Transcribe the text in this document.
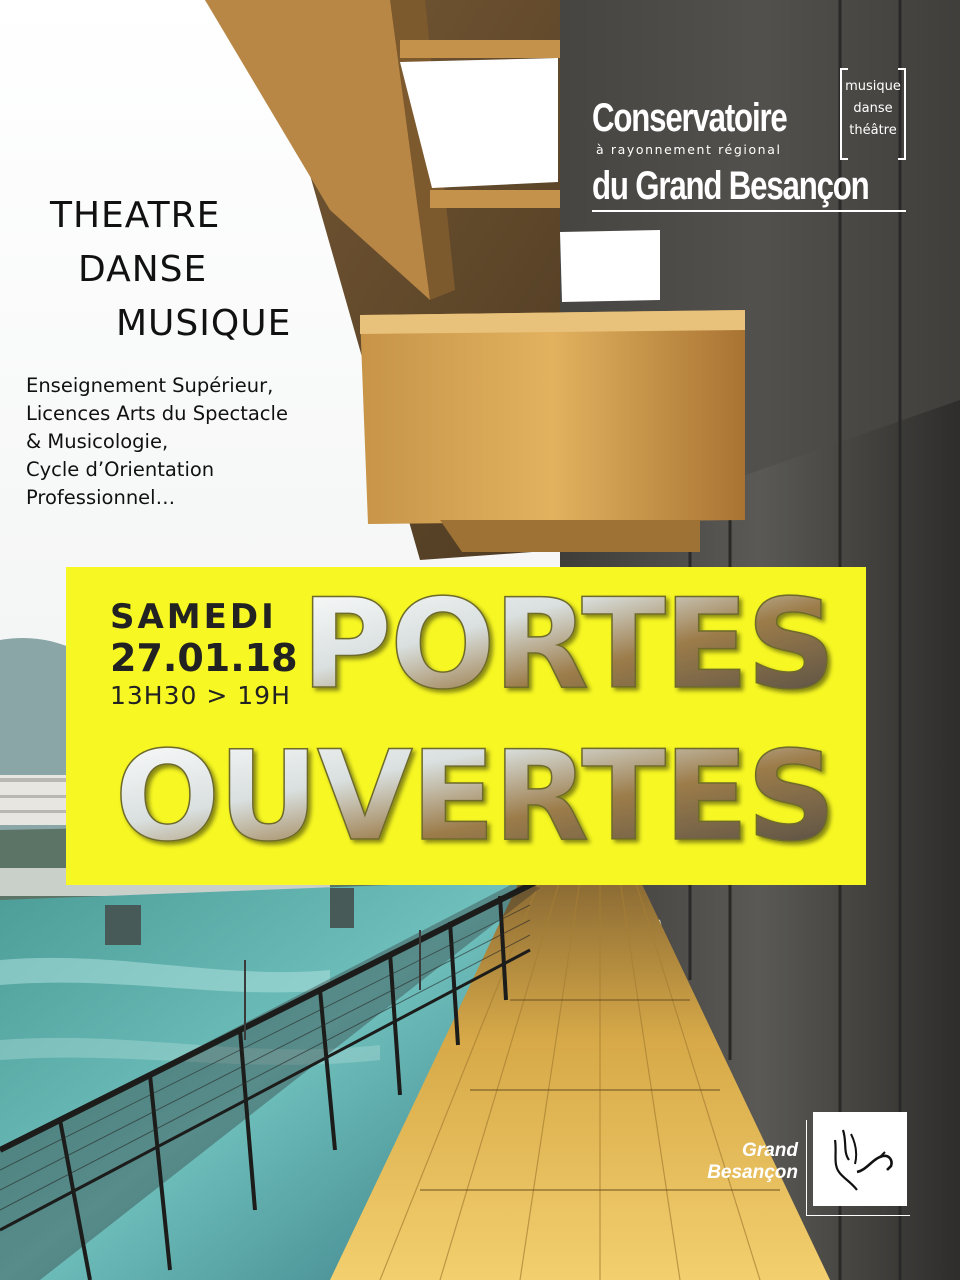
Conservatoire
à rayonnement régional
du Grand Besançon
musique
danse
théâtre
THEATRE
DANSE
MUSIQUE
Enseignement Supérieur,
Licences Arts du Spectacle
& Musicologie,
Cycle d’Orientation
Professionnel…
PORTES
OUVERTES
SAMEDI
27.01.18
13H30 > 19H
Grand
Besançon
